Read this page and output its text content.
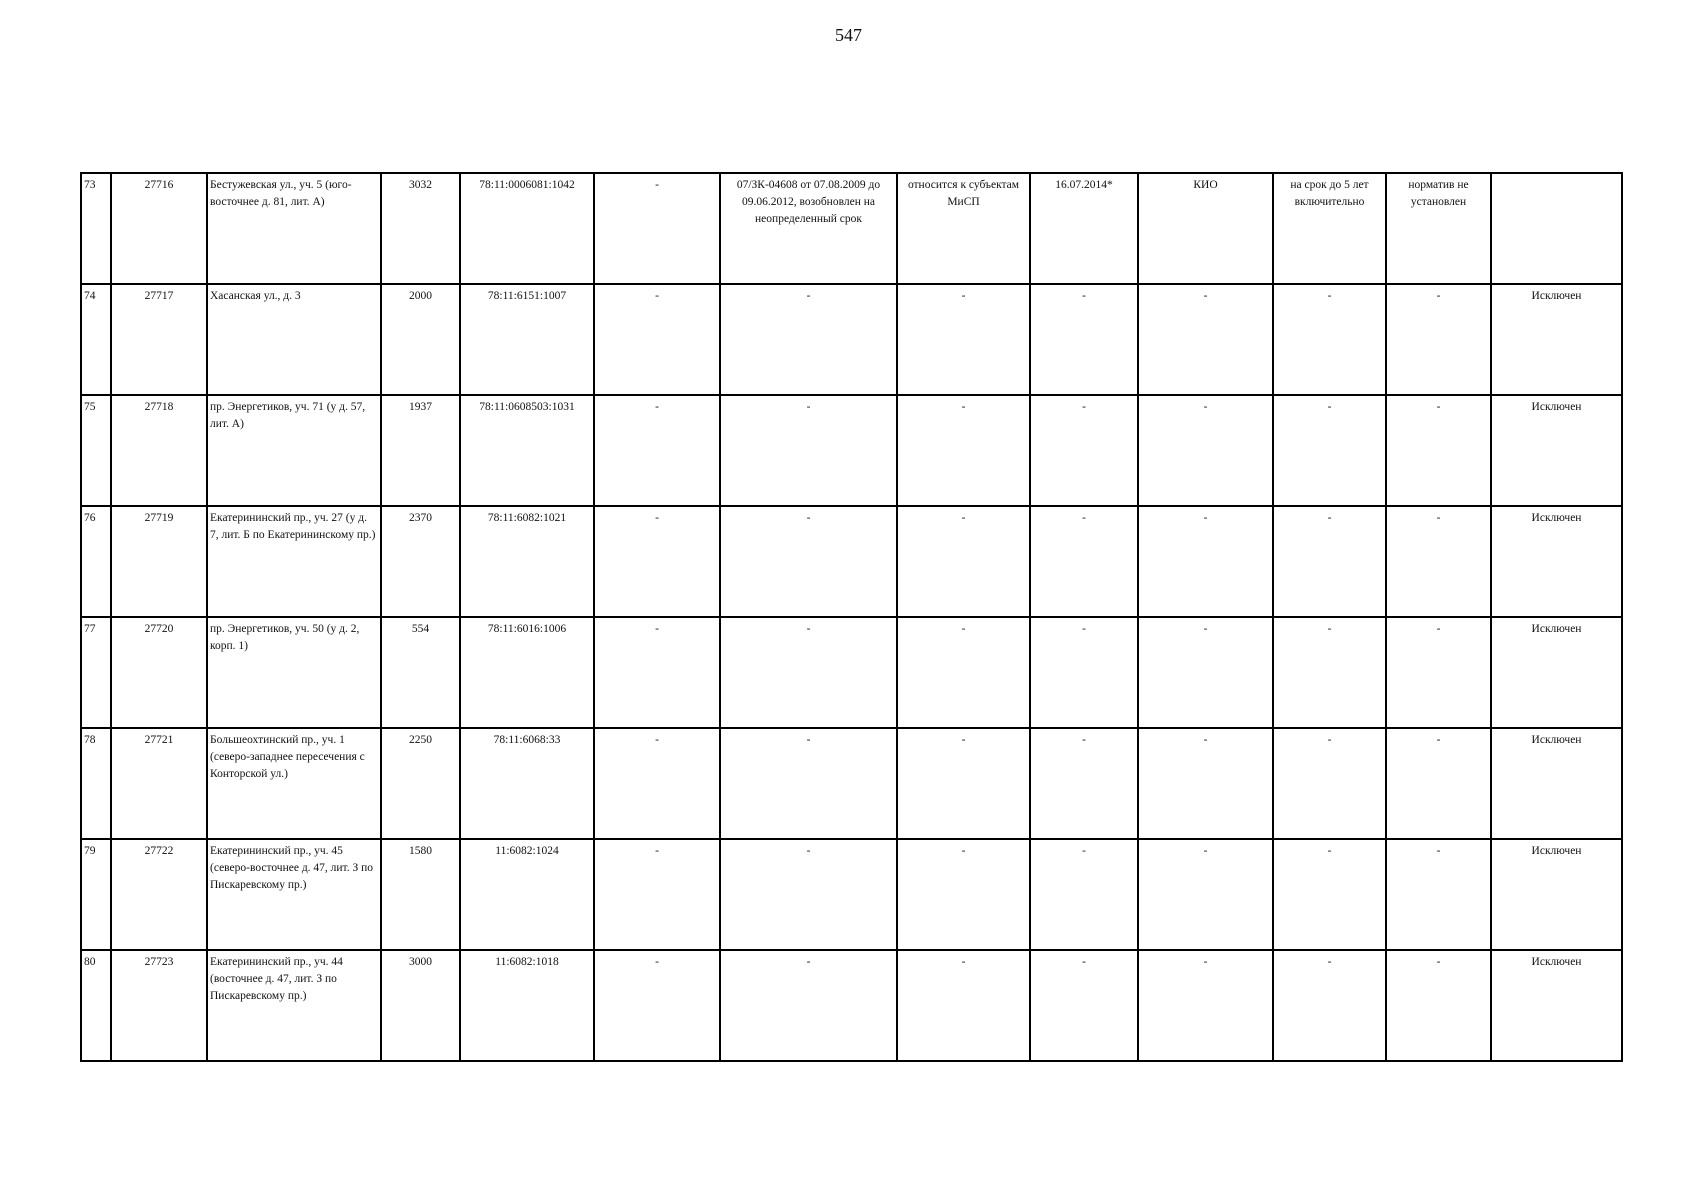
547
73	27716	Бестужевская ул., уч. 5 (юго-восточнее д. 81, лит. А)	3032	78:11:0006081:1042	-	07/ЗК-04608 от 07.08.2009 до 09.06.2012, возобновлен на неопределенный срок	относится к субъектам МиСП	16.07.2014*	КИО	на срок до 5 лет включительно	норматив не установлен	
74	27717	Хасанская ул., д. 3	2000	78:11:6151:1007	-	-	-	-	-	-	-	Исключен
75	27718	пр. Энергетиков, уч. 71 (у д. 57, лит. А)	1937	78:11:0608503:1031	-	-	-	-	-	-	-	Исключен
76	27719	Екатерининский пр., уч. 27 (у д. 7, лит. Б по Екатерининскому пр.)	2370	78:11:6082:1021	-	-	-	-	-	-	-	Исключен
77	27720	пр. Энергетиков, уч. 50 (у д. 2, корп. 1)	554	78:11:6016:1006	-	-	-	-	-	-	-	Исключен
78	27721	Большеохтинский пр., уч. 1 (северо-западнее пересечения с Конторской ул.)	2250	78:11:6068:33	-	-	-	-	-	-	-	Исключен
79	27722	Екатерининский пр., уч. 45 (северо-восточнее д. 47, лит. З по Пискаревскому пр.)	1580	11:6082:1024	-	-	-	-	-	-	-	Исключен
80	27723	Екатерининский пр., уч. 44 (восточнее д. 47, лит. З по Пискаревскому пр.)	3000	11:6082:1018	-	-	-	-	-	-	-	Исключен
